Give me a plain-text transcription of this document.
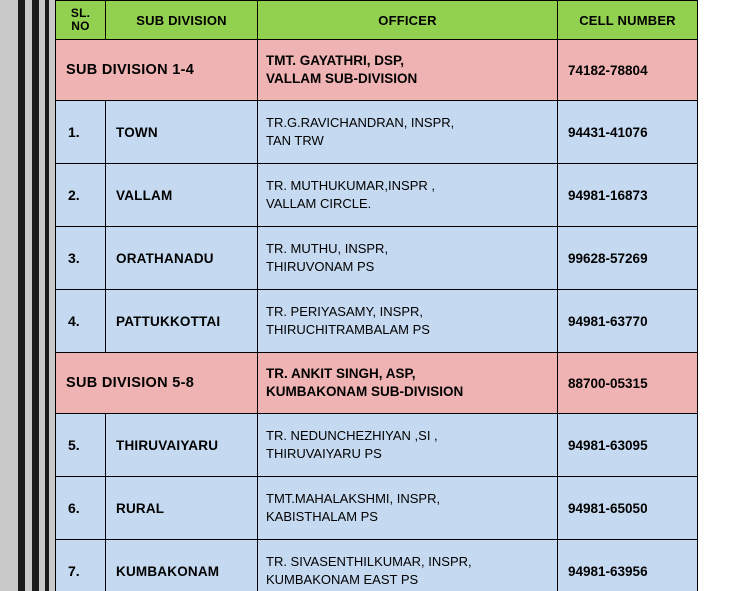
SL.
NO	SUB DIVISION	OFFICER	CELL NUMBER
SUB DIVISION 1-4		TMT. GAYATHRI, DSP,
VALLAM SUB-DIVISION	74182-78804
1.	TOWN	TR.G.RAVICHANDRAN, INSPR,
TAN TRW	94431-41076
2.	VALLAM	TR. MUTHUKUMAR,INSPR ,
VALLAM CIRCLE.	94981-16873
3.	ORATHANADU	TR. MUTHU, INSPR,
THIRUVONAM PS	99628-57269
4.	PATTUKKOTTAI	TR. PERIYASAMY, INSPR,
THIRUCHITRAMBALAM PS	94981-63770
SUB DIVISION 5-8		TR. ANKIT SINGH, ASP,
KUMBAKONAM SUB-DIVISION	88700-05315
5.	THIRUVAIYARU	TR. NEDUNCHEZHIYAN ,SI ,
THIRUVAIYARU PS	94981-63095
6.	RURAL	TMT.MAHALAKSHMI, INSPR,
KABISTHALAM PS	94981-65050
7.	KUMBAKONAM	TR. SIVASENTHILKUMAR, INSPR,
KUMBAKONAM EAST PS	94981-63956
